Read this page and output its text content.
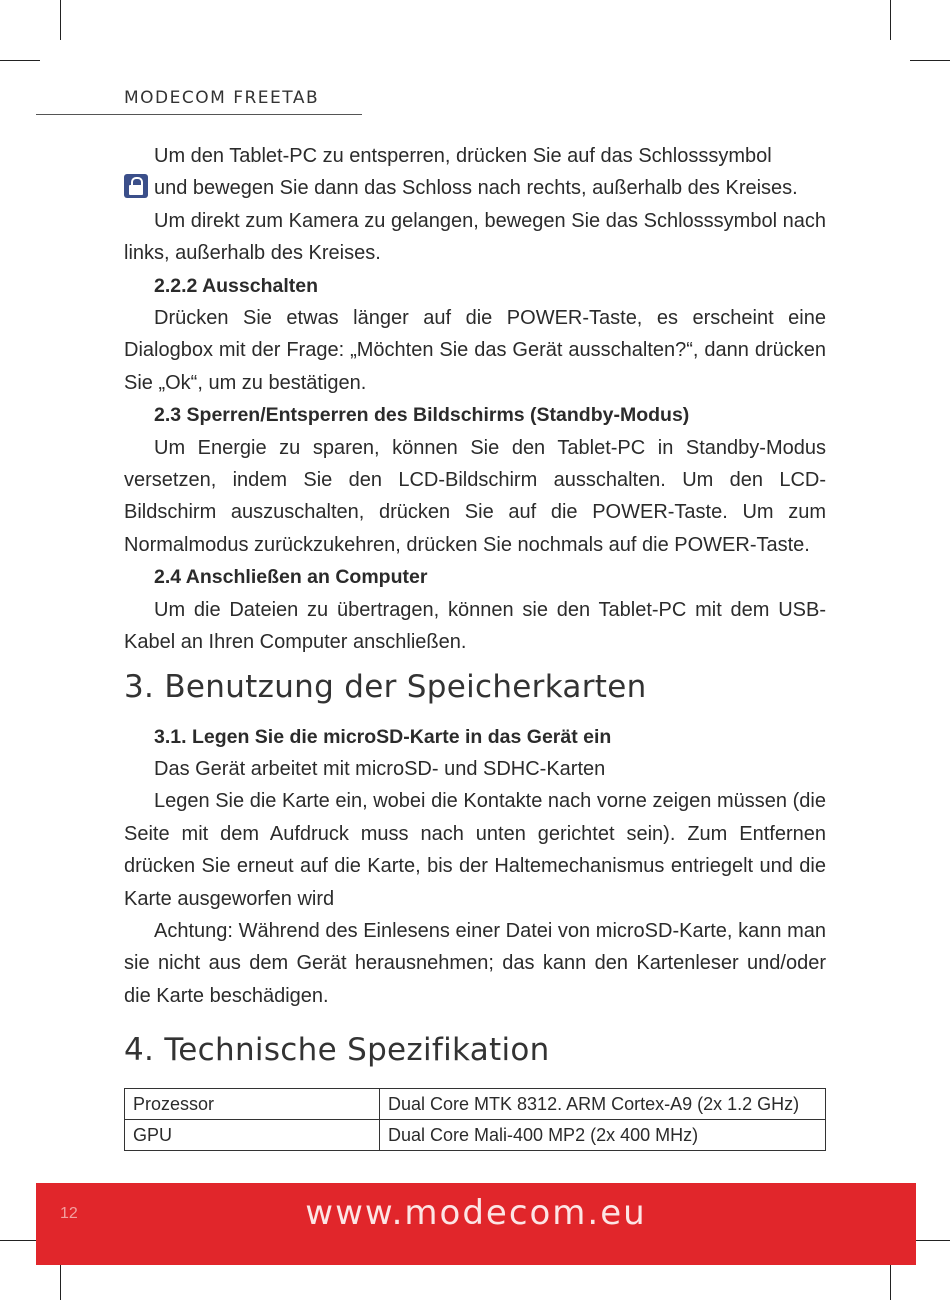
MODECOM FREETAB

Um den Tablet-PC zu entsperren, drücken Sie auf das Schlosssymbol

und bewegen Sie dann das Schloss nach rechts, außerhalb des Kreises.

Um direkt zum Kamera zu gelangen, bewegen Sie das Schlosssymbol nach links, außerhalb des Kreises.

2.2.2 Ausschalten

Drücken Sie etwas länger auf die POWER-Taste, es erscheint eine Dialogbox mit der Frage: „Möchten Sie das Gerät ausschalten?“, dann drücken Sie „Ok“, um zu bestätigen.

2.3 Sperren/Entsperren des Bildschirms (Standby-Modus)

Um Energie zu sparen, können Sie den Tablet-PC in Standby-Modus versetzen, indem Sie den LCD-Bildschirm ausschalten. Um den LCD-Bildschirm auszuschalten, drücken Sie auf die POWER-Taste. Um zum Normalmodus zurückzukehren, drücken Sie nochmals auf die POWER-Taste.

2.4 Anschließen an Computer

Um die Dateien zu übertragen, können sie den Tablet-PC mit dem USB-Kabel an Ihren Computer anschließen.

3. Benutzung der Speicherkarten

3.1. Legen Sie die microSD-Karte in das Gerät ein

Das Gerät arbeitet mit microSD- und SDHC-Karten

Legen Sie die Karte ein, wobei die Kontakte nach vorne zeigen müssen (die Seite mit dem Aufdruck muss nach unten gerichtet sein). Zum Entfernen drücken Sie erneut auf die Karte, bis der Haltemechanismus entriegelt und die Karte ausgeworfen wird

Achtung: Während des Einlesens einer Datei von microSD-Karte, kann man sie nicht aus dem Gerät herausnehmen; das kann den Kartenleser und/oder die Karte beschädigen.

4. Technische Spezifikation
Prozessor	Dual Core MTK 8312. ARM Cortex-A9 (2x 1.2 GHz)
GPU	Dual Core Mali-400 MP2 (2x 400 MHz)
12	www.modecom.eu
